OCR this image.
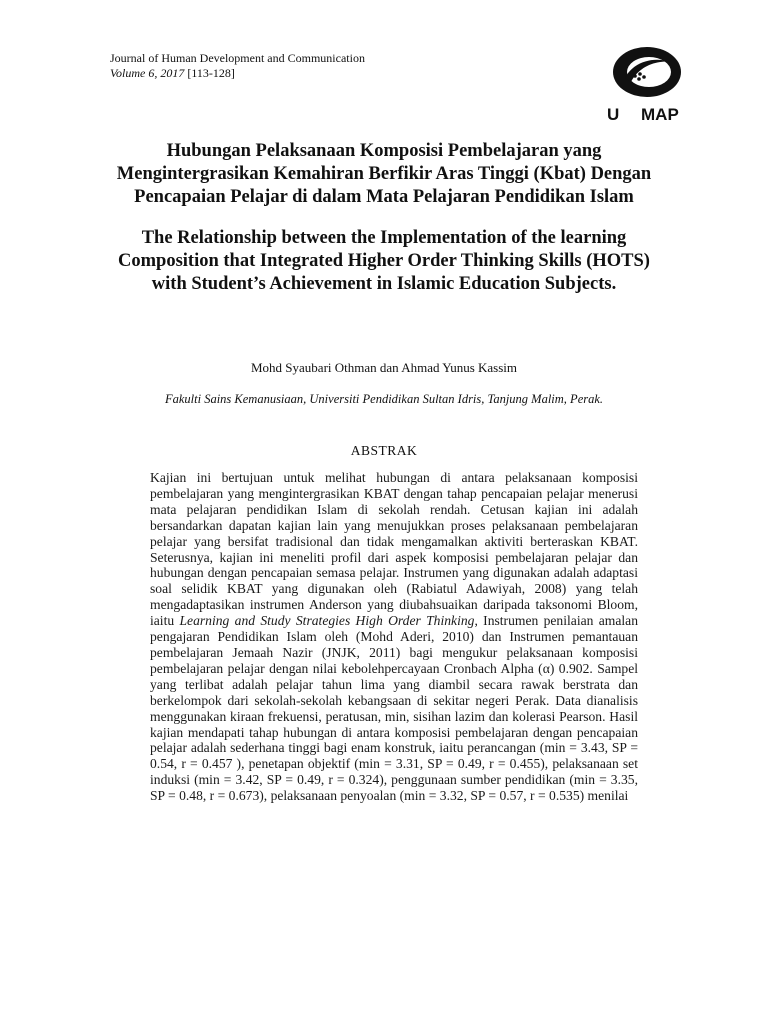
Journal of Human Development and Communication
Volume 6, 2017 [113-128]
U MAP

Hubungan Pelaksanaan Komposisi Pembelajaran yang Mengintergrasikan Kemahiran Berfikir Aras Tinggi (Kbat) Dengan Pencapaian Pelajar di dalam Mata Pelajaran Pendidikan Islam

The Relationship between the Implementation of the learning Composition that Integrated Higher Order Thinking Skills (HOTS) with Student’s Achievement in Islamic Education Subjects.

Mohd Syaubari Othman dan Ahmad Yunus Kassim
Fakulti Sains Kemanusiaan, Universiti Pendidikan Sultan Idris, Tanjung Malim, Perak.
ABSTRAK
Kajian ini bertujuan untuk melihat hubungan di antara pelaksanaan komposisi pembelajaran yang mengintergrasikan KBAT dengan tahap pencapaian pelajar menerusi mata pelajaran pendidikan Islam di sekolah rendah. Cetusan kajian ini adalah bersandarkan dapatan kajian lain yang menujukkan proses pelaksanaan pembelajaran pelajar yang bersifat tradisional dan tidak mengamalkan aktiviti berteraskan KBAT. Seterusnya, kajian ini meneliti profil dari aspek komposisi pembelajaran pelajar dan hubungan dengan pencapaian semasa pelajar. Instrumen yang digunakan adalah adaptasi soal selidik KBAT yang digunakan oleh (Rabiatul Adawiyah, 2008) yang telah mengadaptasikan instrumen Anderson yang diubahsuaikan daripada taksonomi Bloom, iaitu Learning and Study Strategies High Order Thinking, Instrumen penilaian amalan pengajaran Pendidikan Islam oleh (Mohd Aderi, 2010) dan Instrumen pemantauan pembelajaran Jemaah Nazir (JNJK, 2011) bagi mengukur pelaksanaan komposisi pembelajaran pelajar dengan nilai kebolehpercayaan Cronbach Alpha (α) 0.902. Sampel yang terlibat adalah pelajar tahun lima yang diambil secara rawak berstrata dan berkelompok dari sekolah-sekolah kebangsaan di sekitar negeri Perak. Data dianalisis menggunakan kiraan frekuensi, peratusan, min, sisihan lazim dan kolerasi Pearson. Hasil kajian mendapati tahap hubungan di antara komposisi pembelajaran dengan pencapaian pelajar adalah sederhana tinggi bagi enam konstruk, iaitu perancangan (min = 3.43, SP = 0.54, r = 0.457 ), penetapan objektif (min = 3.31, SP = 0.49, r = 0.455), pelaksanaan set induksi (min = 3.42, SP = 0.49, r = 0.324), penggunaan sumber pendidikan (min = 3.35, SP = 0.48, r = 0.673), pelaksanaan penyoalan (min = 3.32, SP = 0.57, r = 0.535) menilai
